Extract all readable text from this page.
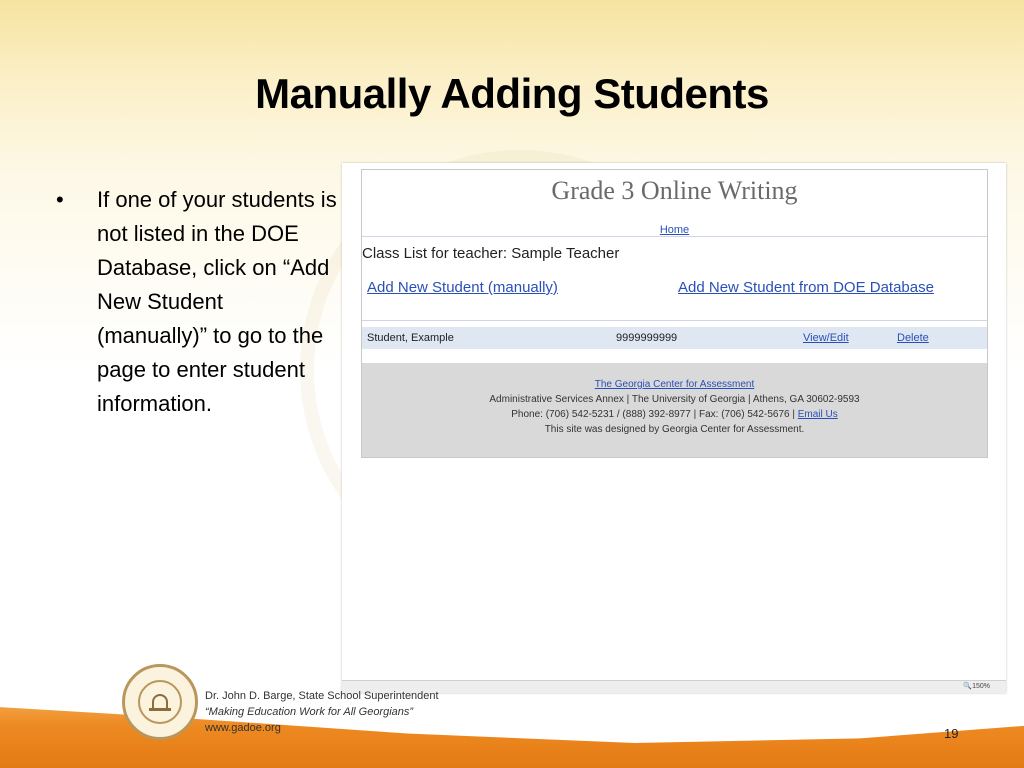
Manually Adding Students
• If one of your students is not listed in the DOE Database, click on “Add New Student (manually)” to go to the page to enter student information.
Grade 3 Online Writing
Home
Class List for teacher: Sample Teacher
Add New Student (manually)	Add New Student from DOE Database
Student, Example	9999999999	View/Edit	Delete
The Georgia Center for Assessment
Administrative Services Annex | The University of Georgia | Athens, GA 30602-9593
Phone: (706) 542-5231 / (888) 392-8977 | Fax: (706) 542-5676 | Email Us
This site was designed by Georgia Center for Assessment.
🔍150%
Dr. John D. Barge, State School Superintendent
“Making Education Work for All Georgians”
www.gadoe.org	19
